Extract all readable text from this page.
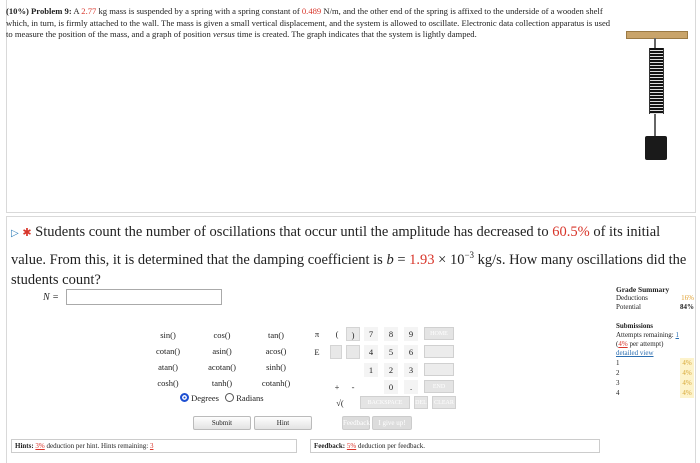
(10%) Problem 9: A 2.77 kg mass is suspended by a spring with a spring constant of 0.489 N/m, and the other end of the spring is affixed to the underside of a wooden shelf which, in turn, is firmly attached to the wall. The mass is given a small vertical displacement, and the system is allowed to oscillate. Electronic data collection apparatus is used to measure the position of the mass, and a graph of position versus time is created. The graph indicates that the system is lightly damped.
▷ ✱ Students count the number of oscillations that occur until the amplitude has decreased to 60.5% of its initial value. From this, it is determined that the damping coefficient is $b = 1.93 \times 10^{-3}$ kg/s. How many oscillations did the students count?
N =
sin()	cos()	tan()
cotan()	asin()	acos()
atan()	acotan()	sinh()
cosh()	tanh()	cotanh()
π	(	)
E
7	8	9
4	5	6
1	2	3
0	.
+	-
√(
HOME
END
BACKSPACE	DEL	CLEAR
Degrees Radians
Submit	Hint	Feedback	I give up!
Hints: 3% deduction per hint. Hints remaining: 3	Feedback: 5% deduction per feedback.
Grade Summary
Deductions	16%
Potential	84%
Submissions
Attempts remaining: 1
(4% per attempt)
detailed view
1	4%
2	4%
3	4%
4	4%
